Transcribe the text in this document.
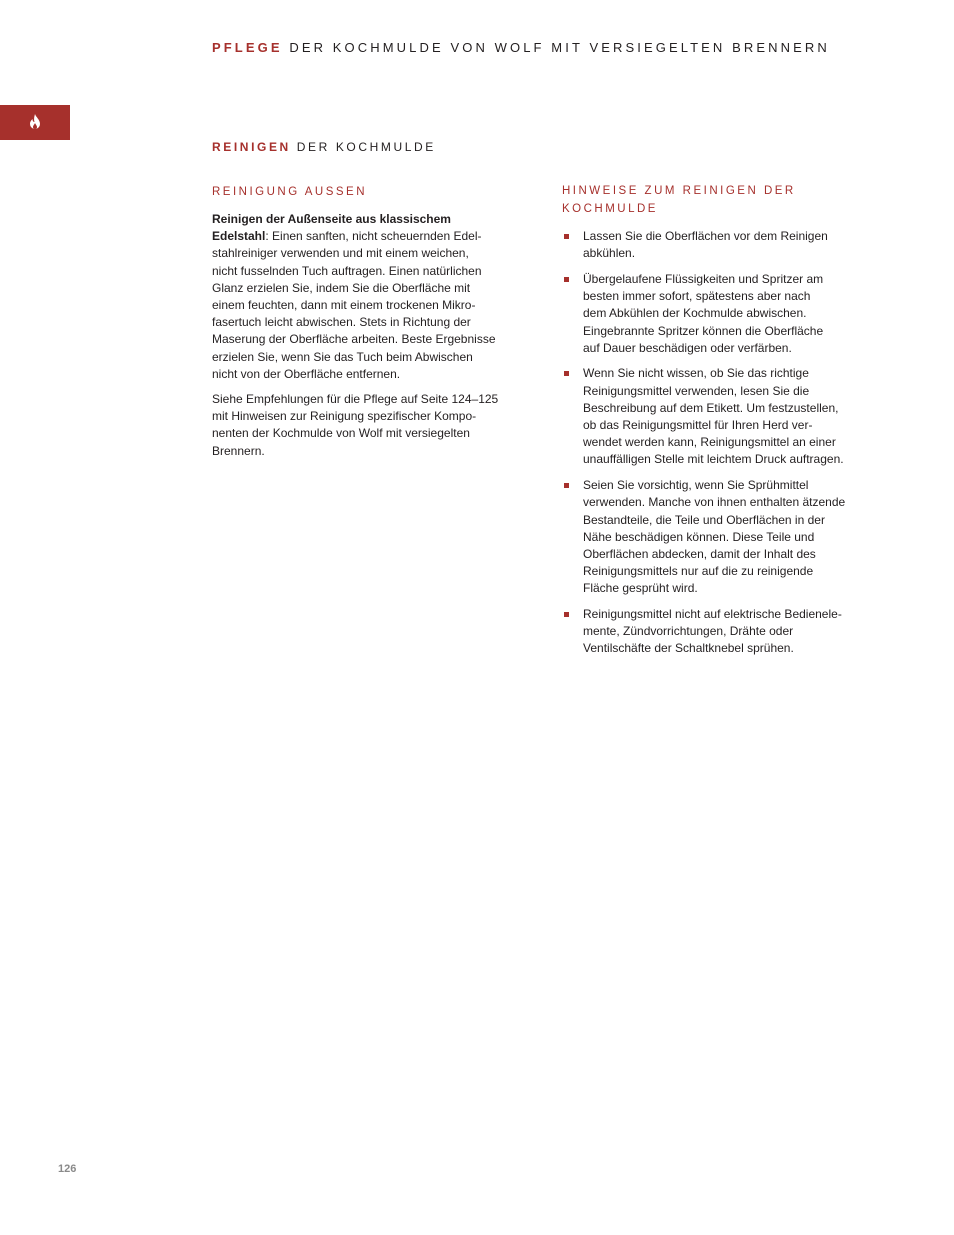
PFLEGE DER KOCHMULDE VON WOLF MIT VERSIEGELTEN BRENNERN
REINIGEN DER KOCHMULDE

REINIGUNG AUSSEN

Reinigen der Außenseite aus klassischem
Edelstahl: Einen sanften, nicht scheuernden Edel-
stahlreiniger verwenden und mit einem weichen,
nicht fusselnden Tuch auftragen. Einen natürlichen
Glanz erzielen Sie, indem Sie die Oberfläche mit
einem feuchten, dann mit einem trockenen Mikro-
fasertuch leicht abwischen. Stets in Richtung der
Maserung der Oberfläche arbeiten. Beste Ergebnisse
erzielen Sie, wenn Sie das Tuch beim Abwischen
nicht von der Oberfläche entfernen.

Siehe Empfehlungen für die Pflege auf Seite 124–125
mit Hinweisen zur Reinigung spezifischer Kompo-
nenten der Kochmulde von Wolf mit versiegelten
Brennern.

HINWEISE ZUM REINIGEN DER
KOCHMULDE

Lassen Sie die Oberflächen vor dem Reinigen
abkühlen.
Übergelaufene Flüssigkeiten und Spritzer am
besten immer sofort, spätestens aber nach
dem Abkühlen der Kochmulde abwischen.
Eingebrannte Spritzer können die Oberfläche
auf Dauer beschädigen oder verfärben.
Wenn Sie nicht wissen, ob Sie das richtige
Reinigungsmittel verwenden, lesen Sie die
Beschreibung auf dem Etikett. Um festzustellen,
ob das Reinigungsmittel für Ihren Herd ver-
wendet werden kann, Reinigungsmittel an einer
unauffälligen Stelle mit leichtem Druck auftragen.
Seien Sie vorsichtig, wenn Sie Sprühmittel
verwenden. Manche von ihnen enthalten ätzende
Bestandteile, die Teile und Oberflächen in der
Nähe beschädigen können. Diese Teile und
Oberflächen abdecken, damit der Inhalt des
Reinigungsmittels nur auf die zu reinigende
Fläche gesprüht wird.
Reinigungsmittel nicht auf elektrische Bedienele-
mente, Zündvorrichtungen, Drähte oder
Ventilschäfte der Schaltknebel sprühen.
126
